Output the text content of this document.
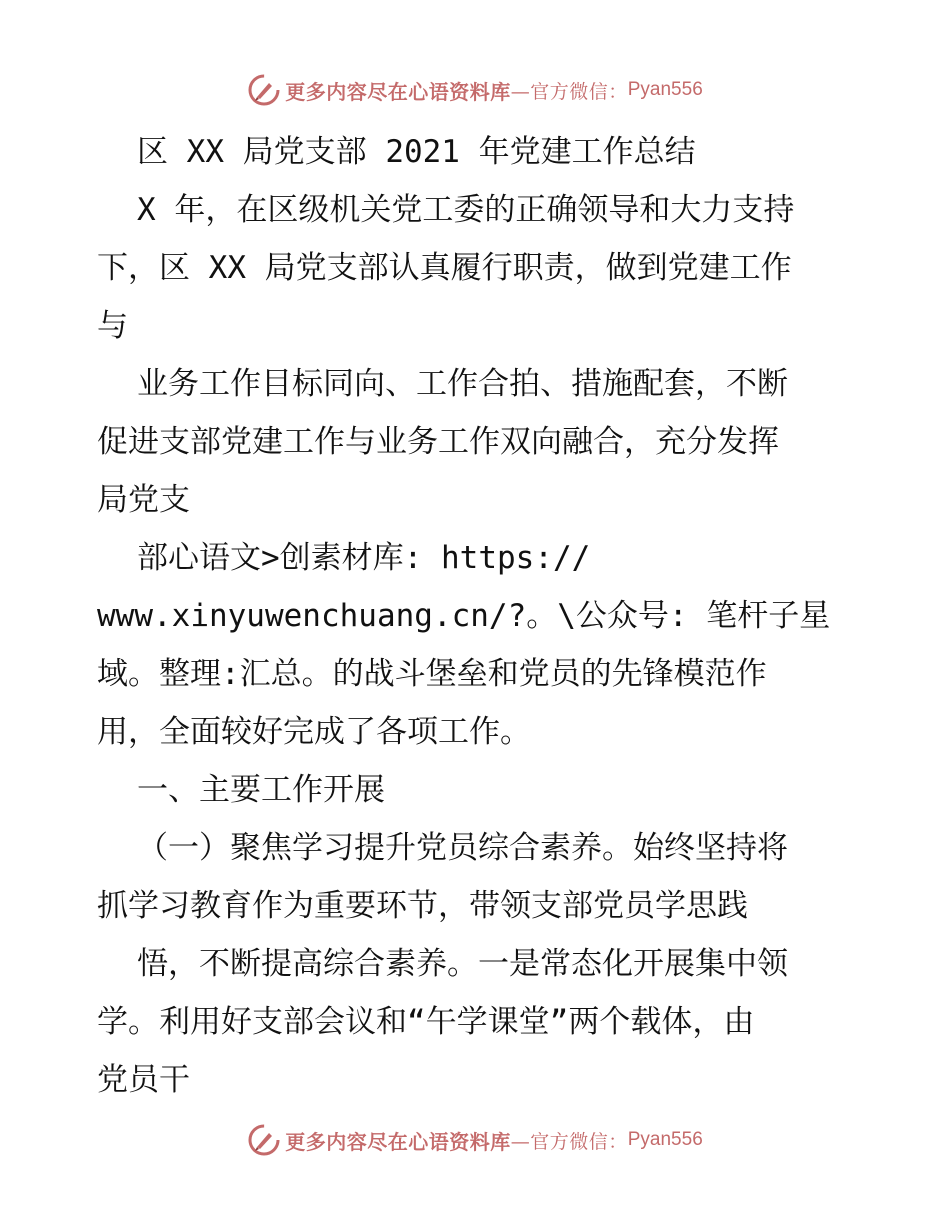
更多内容尽在心语资料库 —官方微信： Pyan556
区 XX 局党支部 2021 年党建工作总结
X 年，在区级机关党工委的正确领导和大力支持
下，区 XX 局党支部认真履行职责，做到党建工作
与
业务工作目标同向、工作合拍、措施配套，不断
促进支部党建工作与业务工作双向融合，充分发挥
局党支
部心语文>创素材库: https://
www.xinyuwenchuang.cn/?。\公众号: 笔杆子星
域。整理:汇总。的战斗堡垒和党员的先锋模范作
用，全面较好完成了各项工作。
一、主要工作开展
（一）聚焦学习提升党员综合素养。始终坚持将
抓学习教育作为重要环节，带领支部党员学思践
悟，不断提高综合素养。一是常态化开展集中领
学。利用好支部会议和“午学课堂”两个载体，由
党员干
更多内容尽在心语资料库 —官方微信： Pyan556
